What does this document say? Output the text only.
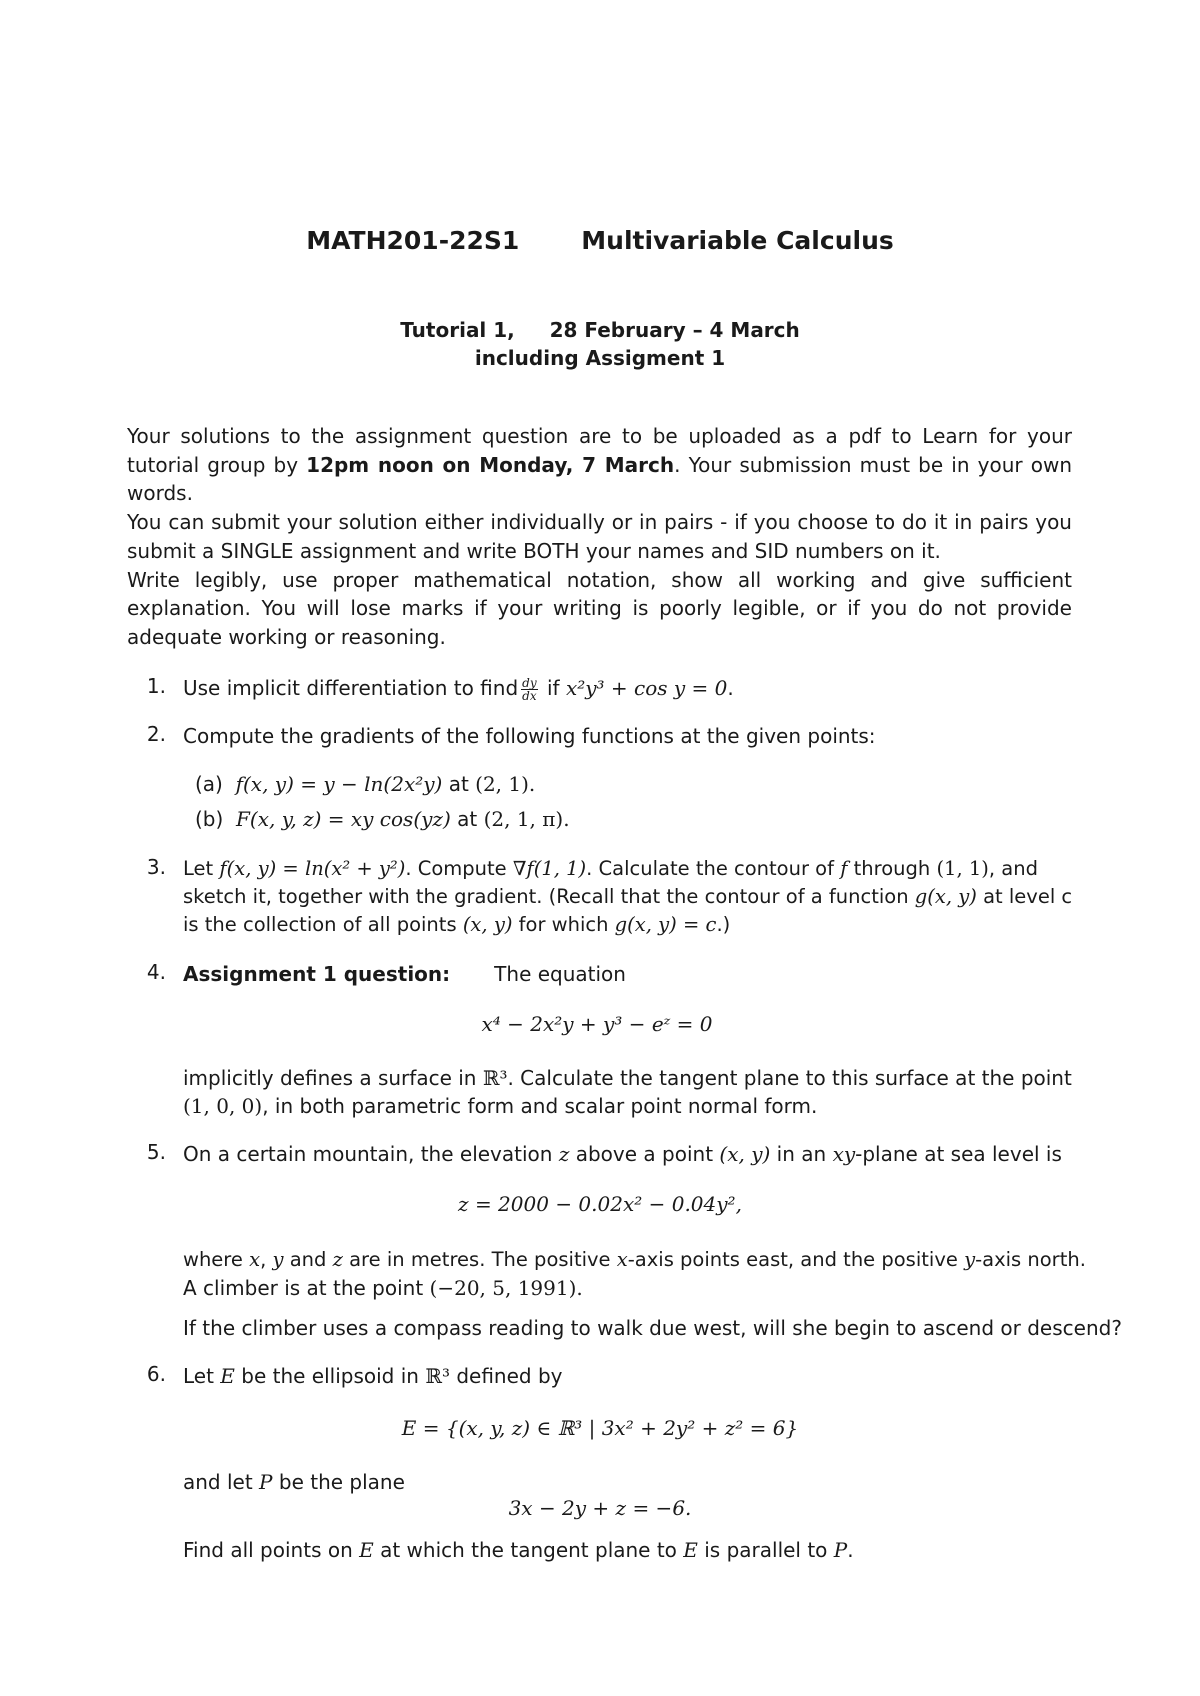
MATH201-22S1 Multivariable Calculus
Tutorial 1,     28 February – 4 March
including Assigment 1

Your solutions to the assignment question are to be uploaded as a pdf to Learn for your tutorial group by 12pm noon on Monday, 7 March. Your submission must be in your own words.

You can submit your solution either individually or in pairs - if you choose to do it in pairs you submit a SINGLE assignment and write BOTH your names and SID numbers on it.

Write legibly, use proper mathematical notation, show all working and give sufficient explanation. You will lose marks if your writing is poorly legible, or if you do not provide adequate working or reasoning.

1. Use implicit differentiation to find $\frac{dy}{dx}$ if x²y³ + cos y = 0.
2. Compute the gradients of the following functions at the given points:
(a) f(x, y) = y − ln(2x²y) at (2, 1).
(b) F(x, y, z) = xy cos(yz) at (2, 1, π).
3. Let f(x, y) = ln(x² + y²). Compute ∇f(1, 1). Calculate the contour of f through (1, 1), and
sketch it, together with the gradient. (Recall that the contour of a function g(x, y) at level c
is the collection of all points (x, y) for which g(x, y) = c.)
4. Assignment 1 question: The equation
x⁴ − 2x²y + y³ − eᶻ = 0
implicitly defines a surface in ℝ³. Calculate the tangent plane to this surface at the point
(1, 0, 0), in both parametric form and scalar point normal form.
5. On a certain mountain, the elevation z above a point (x, y) in an xy-plane at sea level is
z = 2000 − 0.02x² − 0.04y²,
where x, y and z are in metres. The positive x-axis points east, and the positive y-axis north.
A climber is at the point (−20, 5, 1991).
If the climber uses a compass reading to walk due west, will she begin to ascend or descend?
6. Let E be the ellipsoid in ℝ³ defined by
E = {(x, y, z) ∈ ℝ³ | 3x² + 2y² + z² = 6}
and let P be the plane
3x − 2y + z = −6.
Find all points on E at which the tangent plane to E is parallel to P.
